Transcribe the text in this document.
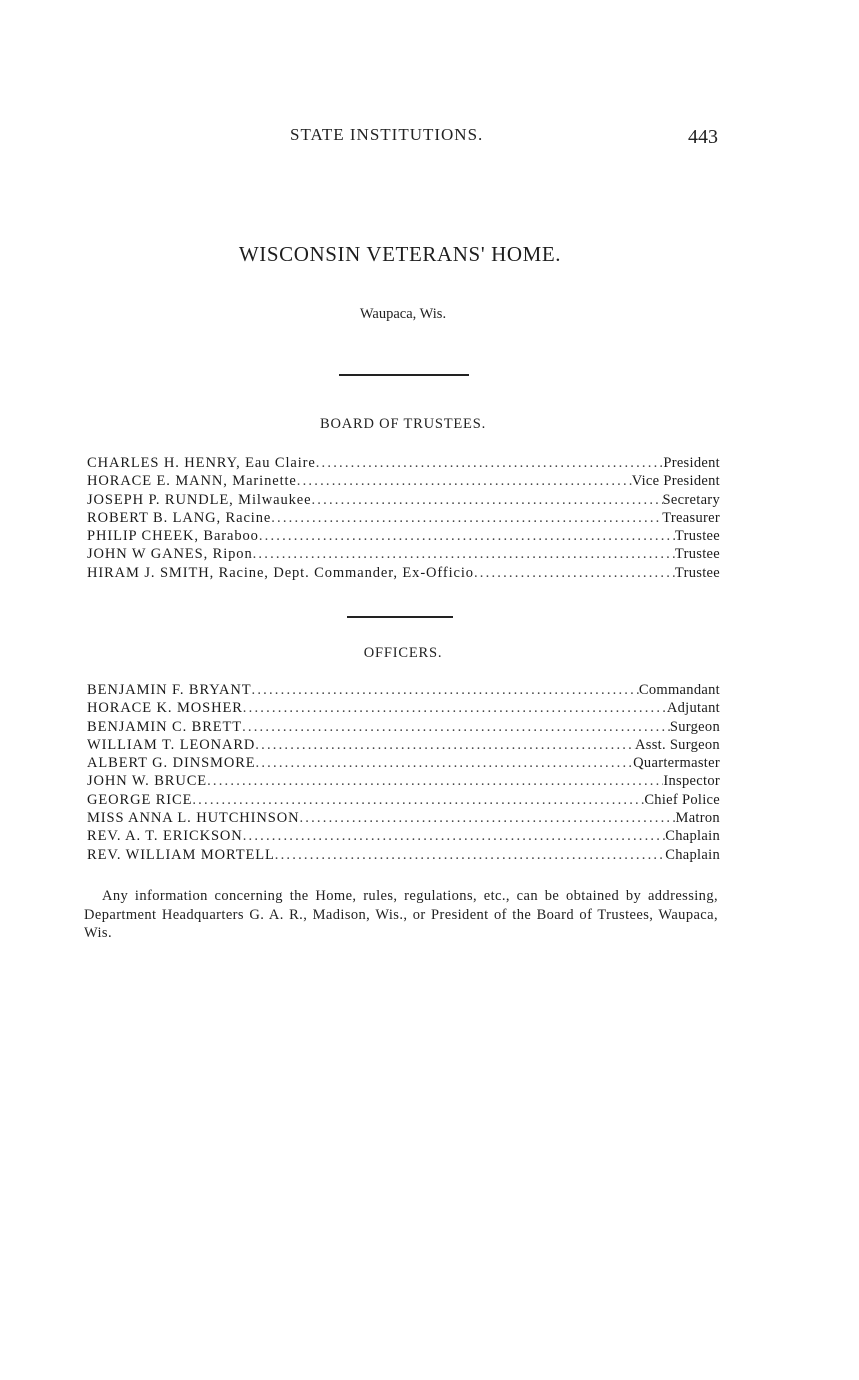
STATE INSTITUTIONS.	443
WISCONSIN VETERANS' HOME.
Waupaca, Wis.
BOARD OF TRUSTEES.
CHARLES H. HENRY, Eau Claire .....	President
HORACE E. MANN, Marinette .....	Vice President
JOSEPH P. RUNDLE, Milwaukee .....	Secretary
ROBERT B. LANG, Racine .....	Treasurer
PHILIP CHEEK, Baraboo .....	Trustee
JOHN W GANES, Ripon .....	Trustee
HIRAM J. SMITH, Racine, Dept. Commander, Ex-Officio .....	Trustee
OFFICERS.
BENJAMIN F. BRYANT .....	Commandant
HORACE K. MOSHER .....	Adjutant
BENJAMIN C. BRETT .....	Surgeon
WILLIAM T. LEONARD .....	Asst. Surgeon
ALBERT G. DINSMORE .....	Quartermaster
JOHN W. BRUCE .....	Inspector
GEORGE RICE .....	Chief Police
MISS ANNA L. HUTCHINSON .....	Matron
REV. A. T. ERICKSON .....	Chaplain
REV. WILLIAM MORTELL .....	Chaplain

Any information concerning the Home, rules, regulations, etc., can be obtained by addressing, Department Headquarters G. A. R., Madison, Wis., or President of the Board of Trustees, Waupaca, Wis.
